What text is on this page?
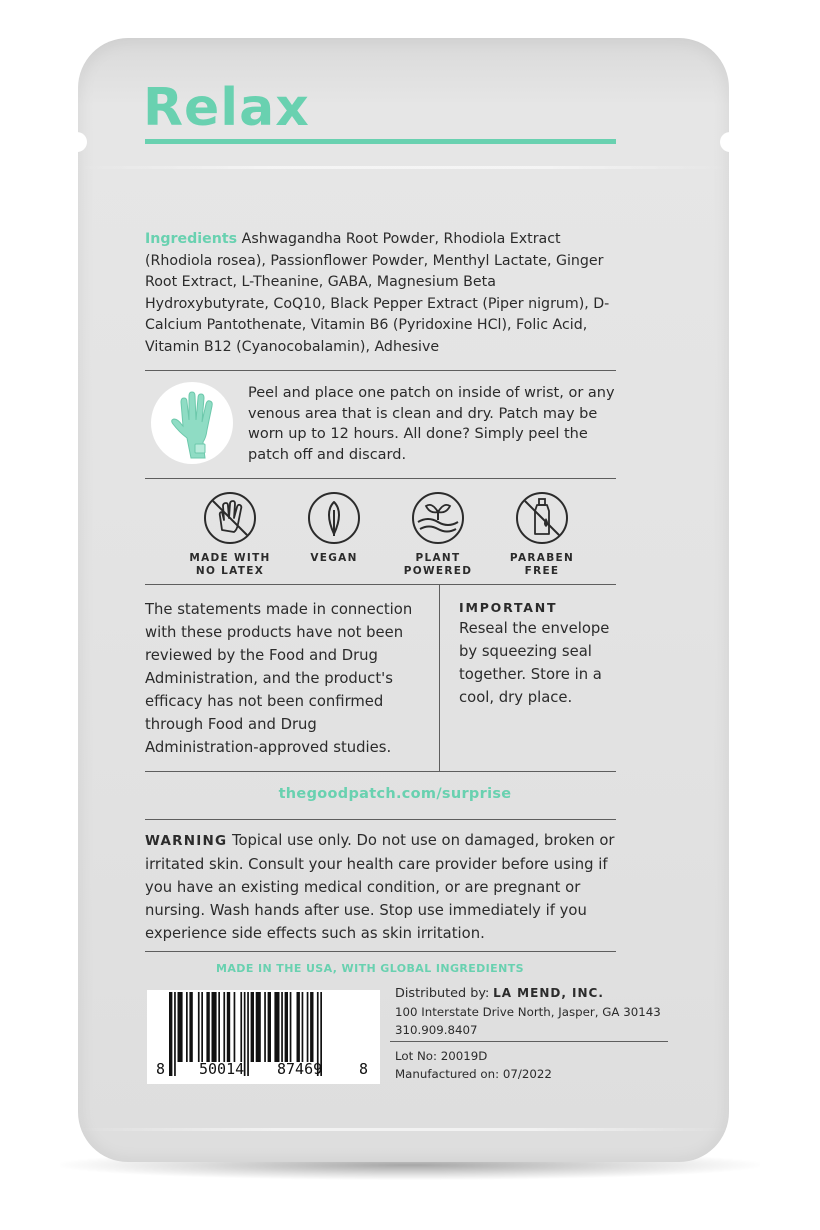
Relax
Ingredients Ashwagandha Root Powder, Rhodiola Extract (Rhodiola rosea), Passionflower Powder, Menthyl Lactate, Ginger Root Extract, L-Theanine, GABA, Magnesium Beta Hydroxybutyrate, CoQ10, Black Pepper Extract (Piper nigrum), D-Calcium Pantothenate, Vitamin B6 (Pyridoxine HCl), Folic Acid, Vitamin B12 (Cyanocobalamin), Adhesive
Peel and place one patch on inside of wrist, or any venous area that is clean and dry. Patch may be worn up to 12 hours. All done? Simply peel the patch off and discard.
MADE WITH
NO LATEX
VEGAN	PLANT
POWERED
PARABEN
FREE
The statements made in connection with these products have not been reviewed by the Food and Drug Administration, and the product's efficacy has not been confirmed through Food and Drug Administration-approved studies.
IMPORTANT
Reseal the envelope by squeezing seal together. Store in a cool, dry place.
thegoodpatch.com/surprise
WARNING Topical use only. Do not use on damaged, broken or irritated skin. Consult your health care provider before using if you have an existing medical condition, or are pregnant or nursing. Wash hands after use. Stop use immediately if you experience side effects such as skin irritation.
MADE IN THE USA, WITH GLOBAL INGREDIENTS
8 50014 87469 8
Distributed by: LA MEND, INC.
100 Interstate Drive North, Jasper, GA 30143
310.909.8407
Lot No: 20019D
Manufactured on: 07/2022
